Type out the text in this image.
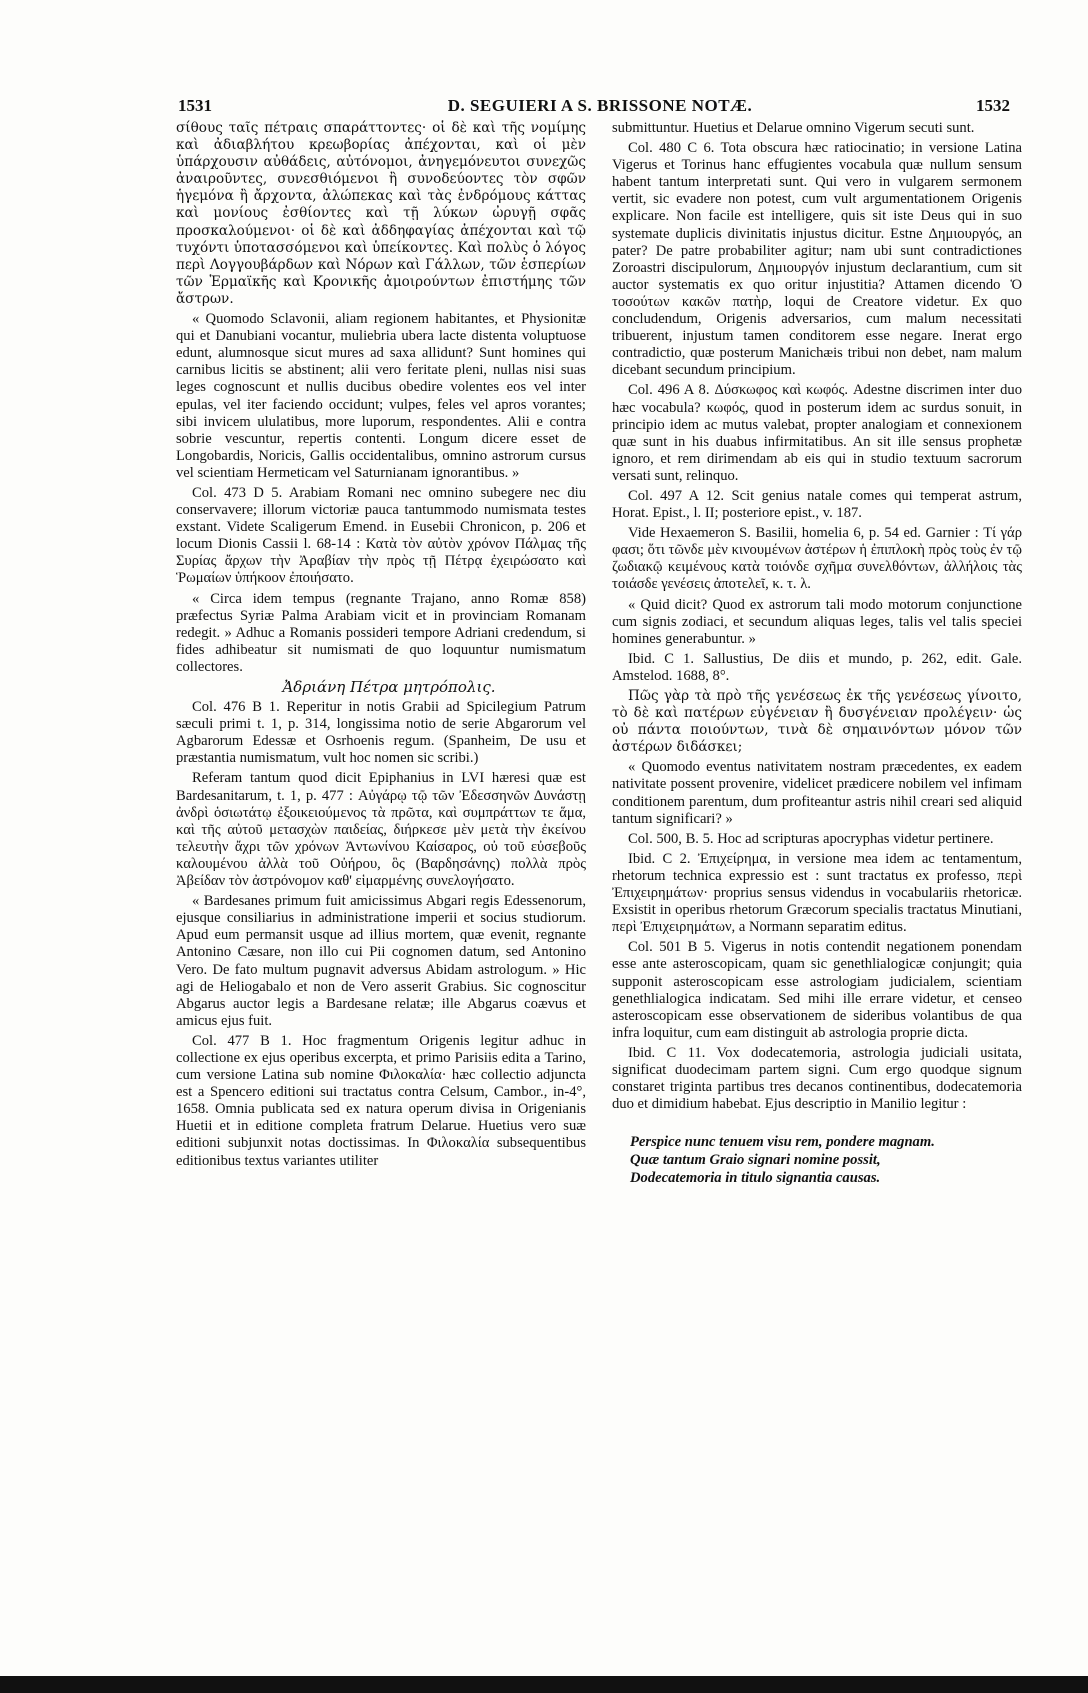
1531	D. SEGUIERI A S. BRISSONE NOTÆ.	1532

σίθους ταῖς πέτραις σπαράττοντες· οἱ δὲ καὶ τῆς νομίμης καὶ ἀδιαβλήτου κρεωβορίας ἀπέχονται, καὶ οἱ μὲν ὑπάρχουσιν αὐθάδεις, αὐτόνομοι, ἀνηγεμόνευτοι συνεχῶς ἀναιροῦντες, συνεσθιόμενοι ἢ συνοδεύοντες τὸν σφῶν ἡγεμόνα ἢ ἄρχοντα, ἀλώπεκας καὶ τὰς ἐνδρόμους κάττας καὶ μονίους ἐσθίοντες καὶ τῇ λύκων ὠρυγῇ σφᾶς προσκαλούμενοι· οἱ δὲ καὶ ἀδδηφαγίας ἀπέχονται καὶ τῷ τυχόντι ὑποτασσόμενοι καὶ ὑπείκοντες. Καὶ πολὺς ὁ λόγος περὶ Λογγουβάρδων καὶ Νόρων καὶ Γάλλων, τῶν ἑσπερίων τῶν Ἑρμαϊκῆς καὶ Κρονικῆς ἀμοιρούντων ἐπιστήμης τῶν ἄστρων.

« Quomodo Sclavonii, aliam regionem habitantes, et Physionitæ qui et Danubiani vocantur, muliebria ubera lacte distenta voluptuose edunt, alumnosque sicut mures ad saxa allidunt? Sunt homines qui carnibus licitis se abstinent; alii vero feritate pleni, nullas nisi suas leges cognoscunt et nullis ducibus obedire volentes eos vel inter epulas, vel iter faciendo occidunt; vulpes, feles vel apros vorantes; sibi invicem ululatibus, more luporum, respondentes. Alii e contra sobrie vescuntur, repertis contenti. Longum dicere esset de Longobardis, Noricis, Gallis occidentalibus, omnino astrorum cursus vel scientiam Hermeticam vel Saturnianam ignorantibus. »

Col. 473 D 5. Arabiam Romani nec omnino subegere nec diu conservavere; illorum victoriæ pauca tantummodo numismata testes exstant. Videte Scaligerum Emend. in Eusebii Chronicon, p. 206 et locum Dionis Cassii l. 68-14 : Κατὰ τὸν αὐτὸν χρόνον Πάλμας τῆς Συρίας ἄρχων τὴν Ἀραβίαν τὴν πρὸς τῇ Πέτρᾳ ἐχειρώσατο καὶ Ῥωμαίων ὑπήκοον ἐποιήσατο.

« Circa idem tempus (regnante Trajano, anno Romæ 858) præfectus Syriæ Palma Arabiam vicit et in provinciam Romanam redegit. » Adhuc a Romanis possideri tempore Adriani credendum, si fides adhibeatur sit numismati de quo loquuntur numismatum collectores.

Ἀδριάνη Πέτρα μητρόπολις.

Col. 476 B 1. Reperitur in notis Grabii ad Spicilegium Patrum sæculi primi t. 1, p. 314, longissima notio de serie Abgarorum vel Agbarorum Edessæ et Osrhoenis regum. (Spanheim, De usu et præstantia numismatum, vult hoc nomen sic scribi.)

Referam tantum quod dicit Epiphanius in LVI hæresi quæ est Bardesanitarum, t. 1, p. 477 : Αὐγάρῳ τῷ τῶν Ἐδεσσηνῶν Δυνάστῃ ἀνδρὶ ὁσιωτάτῳ ἐξοικειούμενος τὰ πρῶτα, καὶ συμπράττων τε ἅμα, καὶ τῆς αὐτοῦ μετασχὼν παιδείας, διήρκεσε μὲν μετὰ τὴν ἐκείνου τελευτὴν ἄχρι τῶν χρόνων Ἀντωνίνου Καίσαρος, οὐ τοῦ εὐσεβοῦς καλουμένου ἀλλὰ τοῦ Οὐήρου, ὃς (Βαρδησάνης) πολλὰ πρὸς Ἀβείδαν τὸν ἀστρόνομον καθ' εἱμαρμένης συνελογήσατο.

« Bardesanes primum fuit amicissimus Abgari regis Edessenorum, ejusque consiliarius in administratione imperii et socius studiorum. Apud eum permansit usque ad illius mortem, quæ evenit, regnante Antonino Cæsare, non illo cui Pii cognomen datum, sed Antonino Vero. De fato multum pugnavit adversus Abidam astrologum. » Hic agi de Heliogabalo et non de Vero asserit Grabius. Sic cognoscitur Abgarus auctor legis a Bardesane relatæ; ille Abgarus coævus et amicus ejus fuit.

Col. 477 B 1. Hoc fragmentum Origenis legitur adhuc in collectione ex ejus operibus excerpta, et primo Parisiis edita a Tarino, cum versione Latina sub nomine Φιλοκαλία· hæc collectio adjuncta est a Spencero editioni sui tractatus contra Celsum, Cambor., in-4°, 1658. Omnia publicata sed ex natura operum divisa in Origenianis Huetii et in editione completa fratrum Delarue. Huetius vero suæ editioni subjunxit notas doctissimas. In Φιλοκαλία subsequentibus editionibus textus variantes utiliter

submittuntur. Huetius et Delarue omnino Vigerum secuti sunt.

Col. 480 C 6. Tota obscura hæc ratiocinatio; in versione Latina Vigerus et Torinus hanc effugientes vocabula quæ nullum sensum habent tantum interpretati sunt. Qui vero in vulgarem sermonem vertit, sic evadere non potest, cum vult argumentationem Origenis explicare. Non facile est intelligere, quis sit iste Deus qui in suo systemate duplicis divinitatis injustus dicitur. Estne Δημιουργός, an pater? De patre probabiliter agitur; nam ubi sunt contradictiones Zoroastri discipulorum, Δημιουργόν injustum declarantium, cum sit auctor systematis ex quo oritur injustitia? Attamen dicendo Ὁ τοσούτων κακῶν πατὴρ, loqui de Creatore videtur. Ex quo concludendum, Origenis adversarios, cum malum necessitati tribuerent, injustum tamen conditorem esse negare. Inerat ergo contradictio, quæ posterum Manichæis tribui non debet, nam malum dicebant secundum principium.

Col. 496 A 8. Δύσκωφος καὶ κωφός. Adestne discrimen inter duo hæc vocabula? κωφός, quod in posterum idem ac surdus sonuit, in principio idem ac mutus valebat, propter analogiam et connexionem quæ sunt in his duabus infirmitatibus. An sit ille sensus prophetæ ignoro, et rem dirimendam ab eis qui in studio textuum sacrorum versati sunt, relinquo.

Col. 497 A 12. Scit genius natale comes qui temperat astrum, Horat. Epist., l. II; posteriore epist., v. 187.

Vide Hexaemeron S. Basilii, homelia 6, p. 54 ed. Garnier : Τί γάρ φασι; ὅτι τῶνδε μὲν κινουμένων ἀστέρων ἡ ἐπιπλοκὴ πρὸς τοὺς ἐν τῷ ζωδιακῷ κειμένους κατὰ τοιόνδε σχῆμα συνελθόντων, ἀλλήλοις τὰς τοιάσδε γενέσεις ἀποτελεῖ, κ. τ. λ.

« Quid dicit? Quod ex astrorum tali modo motorum conjunctione cum signis zodiaci, et secundum aliquas leges, talis vel talis speciei homines generabuntur. »

Ibid. C 1. Sallustius, De diis et mundo, p. 262, edit. Gale. Amstelod. 1688, 8°.

Πῶς γὰρ τὰ πρὸ τῆς γενέσεως ἐκ τῆς γενέσεως γίνοιτο, τὸ δὲ καὶ πατέρων εὐγένειαν ἢ δυσγένειαν προλέγειν· ὡς οὐ πάντα ποιούντων, τινὰ δὲ σημαινόντων μόνον τῶν ἀστέρων διδάσκει;

« Quomodo eventus nativitatem nostram præcedentes, ex eadem nativitate possent provenire, videlicet prædicere nobilem vel infimam conditionem parentum, dum profiteantur astris nihil creari sed aliquid tantum significari? »

Col. 500, B. 5. Hoc ad scripturas apocryphas videtur pertinere.

Ibid. C 2. Ἐπιχείρημα, in versione mea idem ac tentamentum, rhetorum technica expressio est : sunt tractatus ex professo, περὶ Ἐπιχειρημάτων· proprius sensus videndus in vocabulariis rhetoricæ. Exsistit in operibus rhetorum Græcorum specialis tractatus Minutiani, περὶ Ἐπιχειρημάτων, a Normann separatim editus.

Col. 501 B 5. Vigerus in notis contendit negationem ponendam esse ante asteroscopicam, quam sic genethlialogicæ conjungit; quia supponit asteroscopicam esse astrologiam judicialem, scientiam genethlialogica indicatam. Sed mihi ille errare videtur, et censeo asteroscopicam esse observationem de sideribus volantibus de qua infra loquitur, cum eam distinguit ab astrologia proprie dicta.

Ibid. C 11. Vox dodecatemoria, astrologia judiciali usitata, significat duodecimam partem signi. Cum ergo quodque signum constaret triginta partibus tres decanos continentibus, dodecatemoria duo et dimidium habebat. Ejus descriptio in Manilio legitur :

Perspice nunc tenuem visu rem, pondere magnam.
Quæ tantum Graio signari nomine possit,
Dodecatemoria in titulo signantia causas.
